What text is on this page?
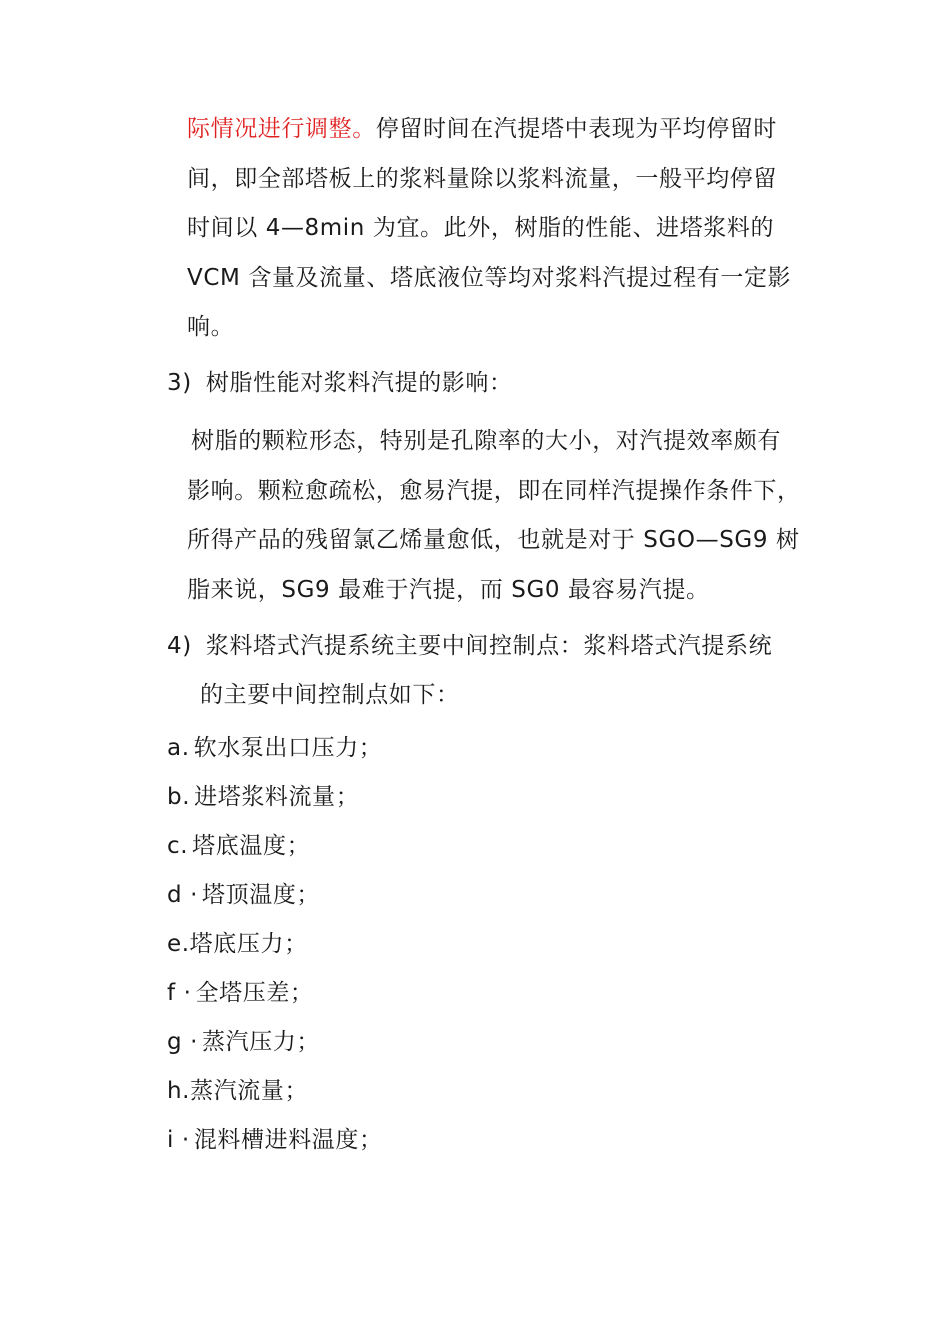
际情况进行调整。停留时间在汽提塔中表现为平均停留时
间，即全部塔板上的浆料量除以浆料流量，一般平均停留
时间以 4—8min 为宜。此外，树脂的性能、进塔浆料的
VCM 含量及流量、塔底液位等均对浆料汽提过程有一定影
响。
3) 树脂性能对浆料汽提的影响：
树脂的颗粒形态，特别是孔隙率的大小，对汽提效率颇有
影响。颗粒愈疏松，愈易汽提，即在同样汽提操作条件下，
所得产品的残留氯乙烯量愈低，也就是对于 SGO—SG9 树
脂来说，SG9 最难于汽提，而 SG0 最容易汽提。
4) 浆料塔式汽提系统主要中间控制点：浆料塔式汽提系统
的主要中间控制点如下：
a. 软水泵出口压力；
b. 进塔浆料流量；
c. 塔底温度；
d · 塔顶温度；
e.塔底压力；
f · 全塔压差；
g · 蒸汽压力；
h.蒸汽流量；
i · 混料槽进料温度；
